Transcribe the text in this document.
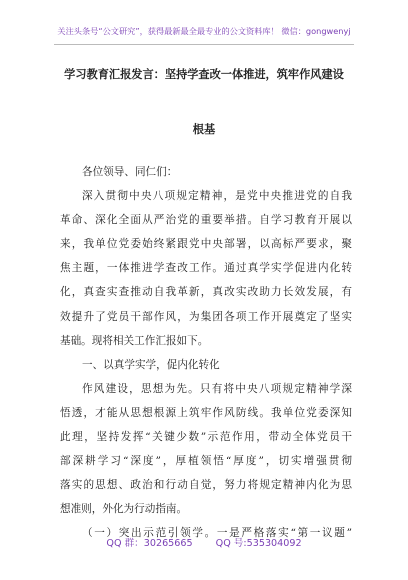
关注头条号“公文研究”，获得最新最全最专业的公文资料库！ 微信：gongwenyj
学习教育汇报发言：坚持学查改一体推进，筑牢作风建设
根基
各位领导、同仁们：
深入贯彻中央八项规定精神，是党中央推进党的自我
革命、深化全面从严治党的重要举措。自学习教育开展以
来，我单位党委始终紧跟党中央部署，以高标严要求，聚
焦主题，一体推进学查改工作。通过真学实学促进内化转
化，真查实查推动自我革新，真改实改助力长效发展，有
效提升了党员干部作风，为集团各项工作开展奠定了坚实
基础。现将相关工作汇报如下。
一、以真学实学，促内化转化
作风建设，思想为先。只有将中央八项规定精神学深
悟透，才能从思想根源上筑牢作风防线。我单位党委深知
此理，坚持发挥“关键少数”示范作用，带动全体党员干
部深耕学习“深度”，厚植领悟“厚度”，切实增强贯彻
落实的思想、政治和行动自觉，努力将规定精神内化为思
想准则，外化为行动指南。
（一）突出示范引领学。一是严格落实“第一议题”
QQ 群：30265665 QQ 号:535304092
